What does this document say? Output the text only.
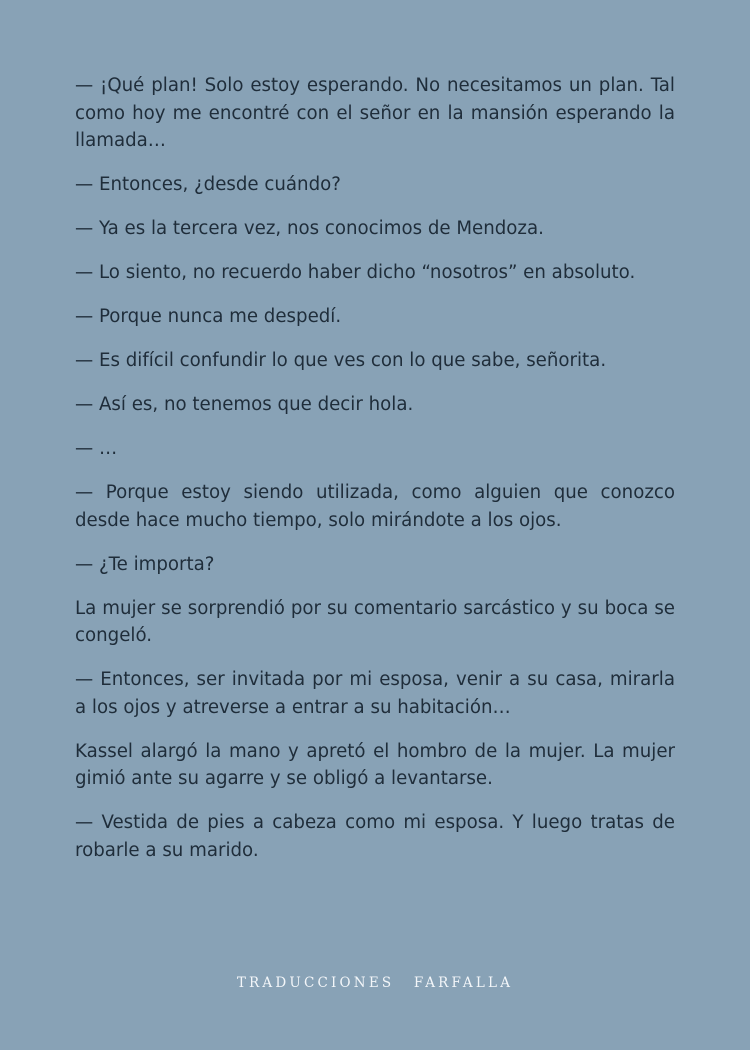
— ¡Qué plan! Solo estoy esperando. No necesitamos un plan. Tal como hoy me encontré con el señor en la mansión esperando la llamada…

— Entonces, ¿desde cuándo?

— Ya es la tercera vez, nos conocimos de Mendoza.

— Lo siento, no recuerdo haber dicho “nosotros” en absoluto.

— Porque nunca me despedí.

— Es difícil confundir lo que ves con lo que sabe, señorita.

— Así es, no tenemos que decir hola.

— …

— Porque estoy siendo utilizada, como alguien que conozco desde hace mucho tiempo, solo mirándote a los ojos.

— ¿Te importa?

La mujer se sorprendió por su comentario sarcástico y su boca se congeló.

— Entonces, ser invitada por mi esposa, venir a su casa, mirarla a los ojos y atreverse a entrar a su habitación…

Kassel alargó la mano y apretó el hombro de la mujer. La mujer gimió ante su agarre y se obligó a levantarse.

— Vestida de pies a cabeza como mi esposa. Y luego tratas de robarle a su marido.

TRADUCCIONES FARFALLA
